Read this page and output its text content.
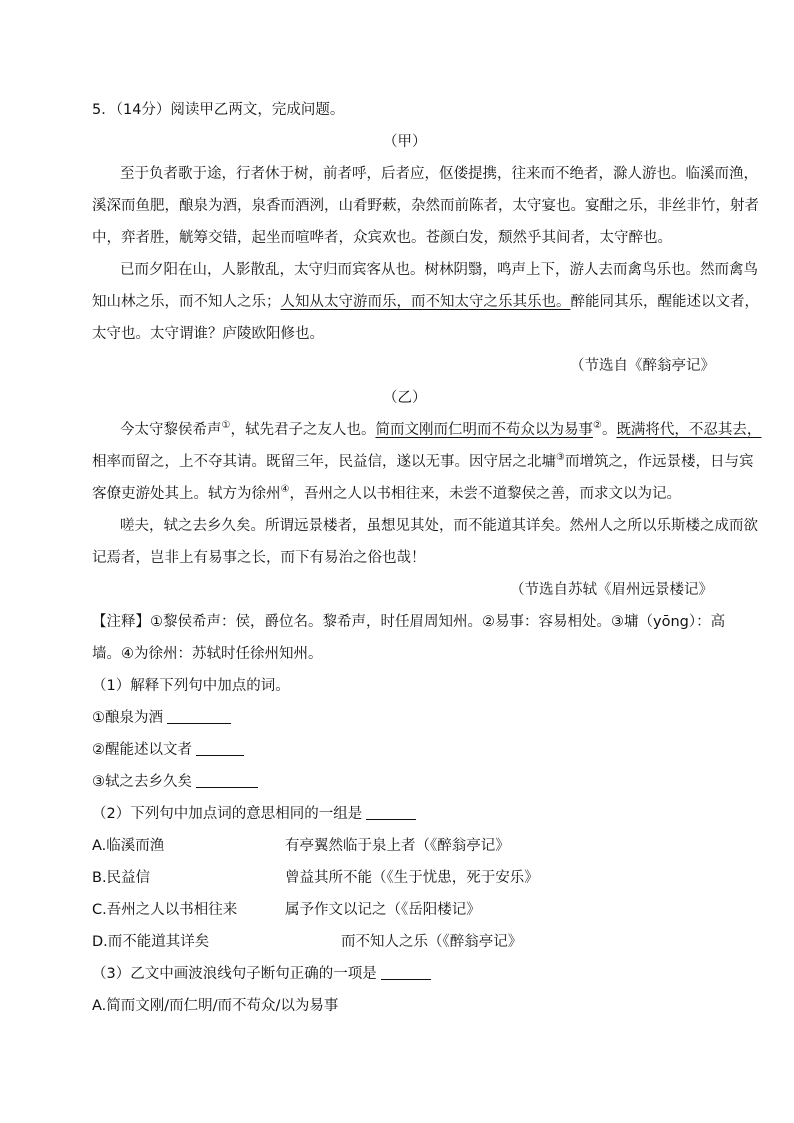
5．（14分）阅读甲乙两文，完成问题。
（甲）
至于负者歌于途，行者休于树，前者呼，后者应，伛偻提携，往来而不绝者，滁人游也。临溪而渔，
溪深而鱼肥，酿泉为酒，泉香而酒洌，山肴野蔌，杂然而前陈者，太守宴也。宴酣之乐，非丝非竹，射者
中，弈者胜，觥筹交错，起坐而喧哗者，众宾欢也。苍颜白发，颓然乎其间者，太守醉也。
已而夕阳在山，人影散乱，太守归而宾客从也。树林阴翳，鸣声上下，游人去而禽鸟乐也。然而禽鸟
知山林之乐，而不知人之乐；人知从太守游而乐，而不知太守之乐其乐也。醉能同其乐，醒能述以文者，
太守也。太守谓谁？庐陵欧阳修也。
（节选自《醉翁亭记》
（乙）
今太守黎侯希声①，轼先君子之友人也。简而文刚而仁明而不苟众以为易事②。既满将代，不忍其去，
相率而留之，上不夺其请。既留三年，民益信，遂以无事。因守居之北墉③而增筑之，作远景楼，日与宾
客僚吏游处其上。轼方为徐州④，吾州之人以书相往来，未尝不道黎侯之善，而求文以为记。
嗟夫，轼之去乡久矣。所谓远景楼者，虽想见其处，而不能道其详矣。然州人之所以乐斯楼之成而欲
记焉者，岂非上有易事之长，而下有易治之俗也哉！
（节选自苏轼《眉州远景楼记》
【注释】①黎侯希声：侯，爵位名。黎希声，时任眉周知州。②易事：容易相处。③墉（yōng）：高
墙。④为徐州：苏轼时任徐州知州。
（1）解释下列句中加点的词。
①酿泉为酒
②醒能述以文者
③轼之去乡久矣
（2）下列句中加点词的意思相同的一组是
A.临溪而渔	有亭翼然临于泉上者（《醉翁亭记》
B.民益信	曾益其所不能（《生于忧患，死于安乐》
C.吾州之人以书相往来	属予作文以记之（《岳阳楼记》
D.而不能道其详矣	而不知人之乐（《醉翁亭记》
（3）乙文中画波浪线句子断句正确的一项是
A.简而文刚/而仁明/而不苟众/以为易事
